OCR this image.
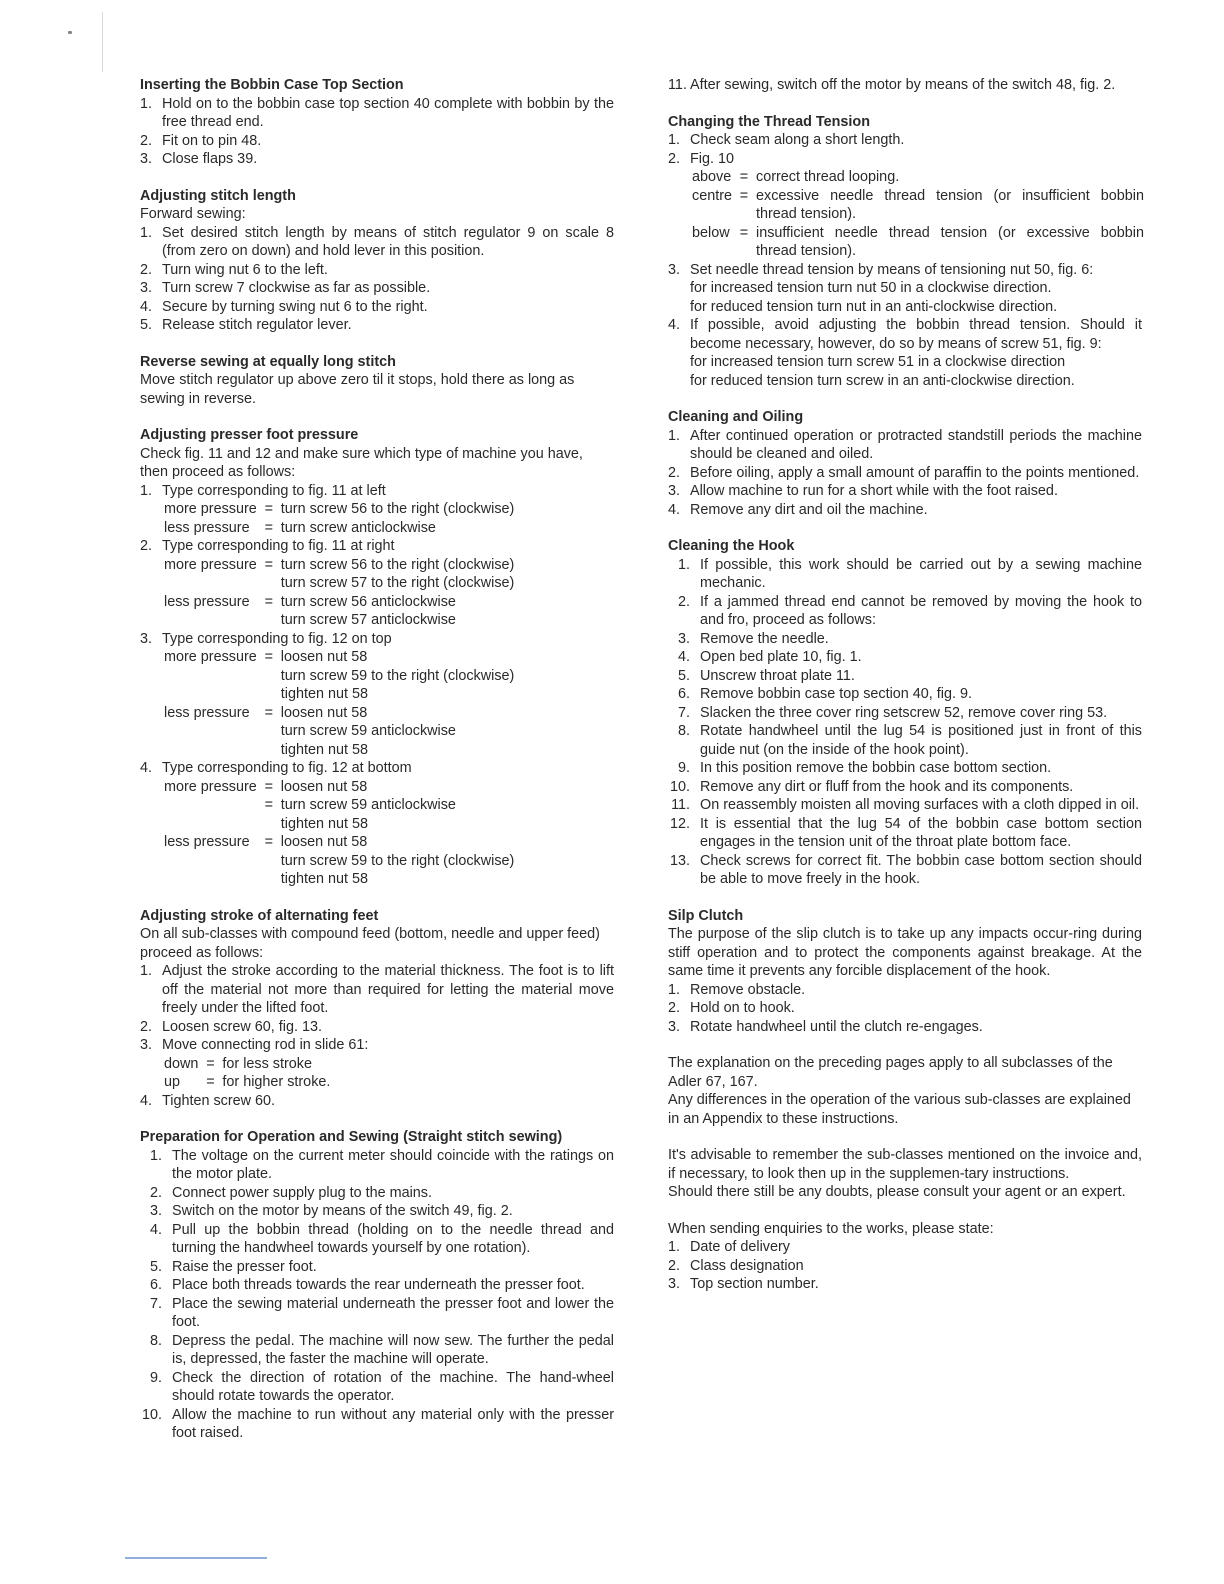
Inserting the Bobbin Case Top Section
1. Hold on to the bobbin case top section 40 complete with bobbin by the free thread end.
2. Fit on to pin 48.
3. Close flaps 39.
Adjusting stitch length

Forward sewing:

1. Set desired stitch length by means of stitch regulator 9 on scale 8 (from zero on down) and hold lever in this position.
2. Turn wing nut 6 to the left.
3. Turn screw 7 clockwise as far as possible.
4. Secure by turning swing nut 6 to the right.
5. Release stitch regulator lever.
Reverse sewing at equally long stitch

Move stitch regulator up above zero til it stops, hold there as long as sewing in reverse.

Adjusting presser foot pressure

Check fig. 11 and 12 and make sure which type of machine you have, then proceed as follows:

1. Type corresponding to fig. 11 at left
more pressure	=	turn screw 56 to the right (clockwise)

less pressure	=	turn screw anticlockwise
2. Type corresponding to fig. 11 at right
more pressure	=	turn screw 56 to the right (clockwise)
turn screw 57 to the right (clockwise)

less pressure	=	turn screw 56 anticlockwise
turn screw 57 anticlockwise
3. Type corresponding to fig. 12 on top
more pressure	=	loosen nut 58
turn screw 59 to the right (clockwise)
tighten nut 58

less pressure	=	loosen nut 58
turn screw 59 anticlockwise
tighten nut 58
4. Type corresponding to fig. 12 at bottom
more pressure	=	loosen nut 58

	=	turn screw 59 anticlockwise
tighten nut 58

less pressure	=	loosen nut 58
turn screw 59 to the right (clockwise)
tighten nut 58
Adjusting stroke of alternating feet

On all sub-classes with compound feed (bottom, needle and upper feed) proceed as follows:

1. Adjust the stroke according to the material thickness. The foot is to lift off the material not more than required for letting the material move freely under the lifted foot.
2. Loosen screw 60, fig. 13.
3. Move connecting rod in slide 61:
down	=	for less stroke
up	=	for higher stroke.
4. Tighten screw 60.
Preparation for Operation and Sewing (Straight stitch sewing)
1. The voltage on the current meter should coincide with the ratings on the motor plate.
2. Connect power supply plug to the mains.
3. Switch on the motor by means of the switch 49, fig. 2.
4. Pull up the bobbin thread (holding on to the needle thread and turning the handwheel towards yourself by one rotation).
5. Raise the presser foot.
6. Place both threads towards the rear underneath the presser foot.
7. Place the sewing material underneath the presser foot and lower the foot.
8. Depress the pedal. The machine will now sew. The further the pedal is, depressed, the faster the machine will operate.
9. Check the direction of rotation of the machine. The hand-wheel should rotate towards the operator.
10. Allow the machine to run without any material only with the presser foot raised.
11. After sewing, switch off the motor by means of the switch 48, fig. 2.
Changing the Thread Tension
1. Check seam along a short length.
2. Fig. 10
above	=	correct thread looping.
centre	=	excessive needle thread tension (or insufficient bobbin thread tension).
below	=	insufficient needle thread tension (or excessive bobbin thread tension).
3. Set needle thread tension by means of tensioning nut 50, fig. 6:
for increased tension turn nut 50 in a clockwise direction.
for reduced tension turn nut in an anti-clockwise direction.
4. If possible, avoid adjusting the bobbin thread tension. Should it become necessary, however, do so by means of screw 51, fig. 9:
for increased tension turn screw 51 in a clockwise direction
for reduced tension turn screw in an anti-clockwise direction.
Cleaning and Oiling
1. After continued operation or protracted standstill periods the machine should be cleaned and oiled.
2. Before oiling, apply a small amount of paraffin to the points mentioned.
3. Allow machine to run for a short while with the foot raised.
4. Remove any dirt and oil the machine.
Cleaning the Hook
1. If possible, this work should be carried out by a sewing machine mechanic.
2. If a jammed thread end cannot be removed by moving the hook to and fro, proceed as follows:
3. Remove the needle.
4. Open bed plate 10, fig. 1.
5. Unscrew throat plate 11.
6. Remove bobbin case top section 40, fig. 9.
7. Slacken the three cover ring setscrew 52, remove cover ring 53.
8. Rotate handwheel until the lug 54 is positioned just in front of this guide nut (on the inside of the hook point).
9. In this position remove the bobbin case bottom section.
10. Remove any dirt or fluff from the hook and its components.
11. On reassembly moisten all moving surfaces with a cloth dipped in oil.
12. It is essential that the lug 54 of the bobbin case bottom section engages in the tension unit of the throat plate bottom face.
13. Check screws for correct fit. The bobbin case bottom section should be able to move freely in the hook.
Silp Clutch

The purpose of the slip clutch is to take up any impacts occur-ring during stiff operation and to protect the components against breakage. At the same time it prevents any forcible displacement of the hook.

1. Remove obstacle.
2. Hold on to hook.
3. Rotate handwheel until the clutch re-engages.

The explanation on the preceding pages apply to all subclasses of the Adler 67, 167.

Any differences in the operation of the various sub-classes are explained in an Appendix to these instructions.

It's advisable to remember the sub-classes mentioned on the invoice and, if necessary, to look then up in the supplemen-tary instructions.

Should there still be any doubts, please consult your agent or an expert.

When sending enquiries to the works, please state:

1. Date of delivery
2. Class designation
3. Top section number.
